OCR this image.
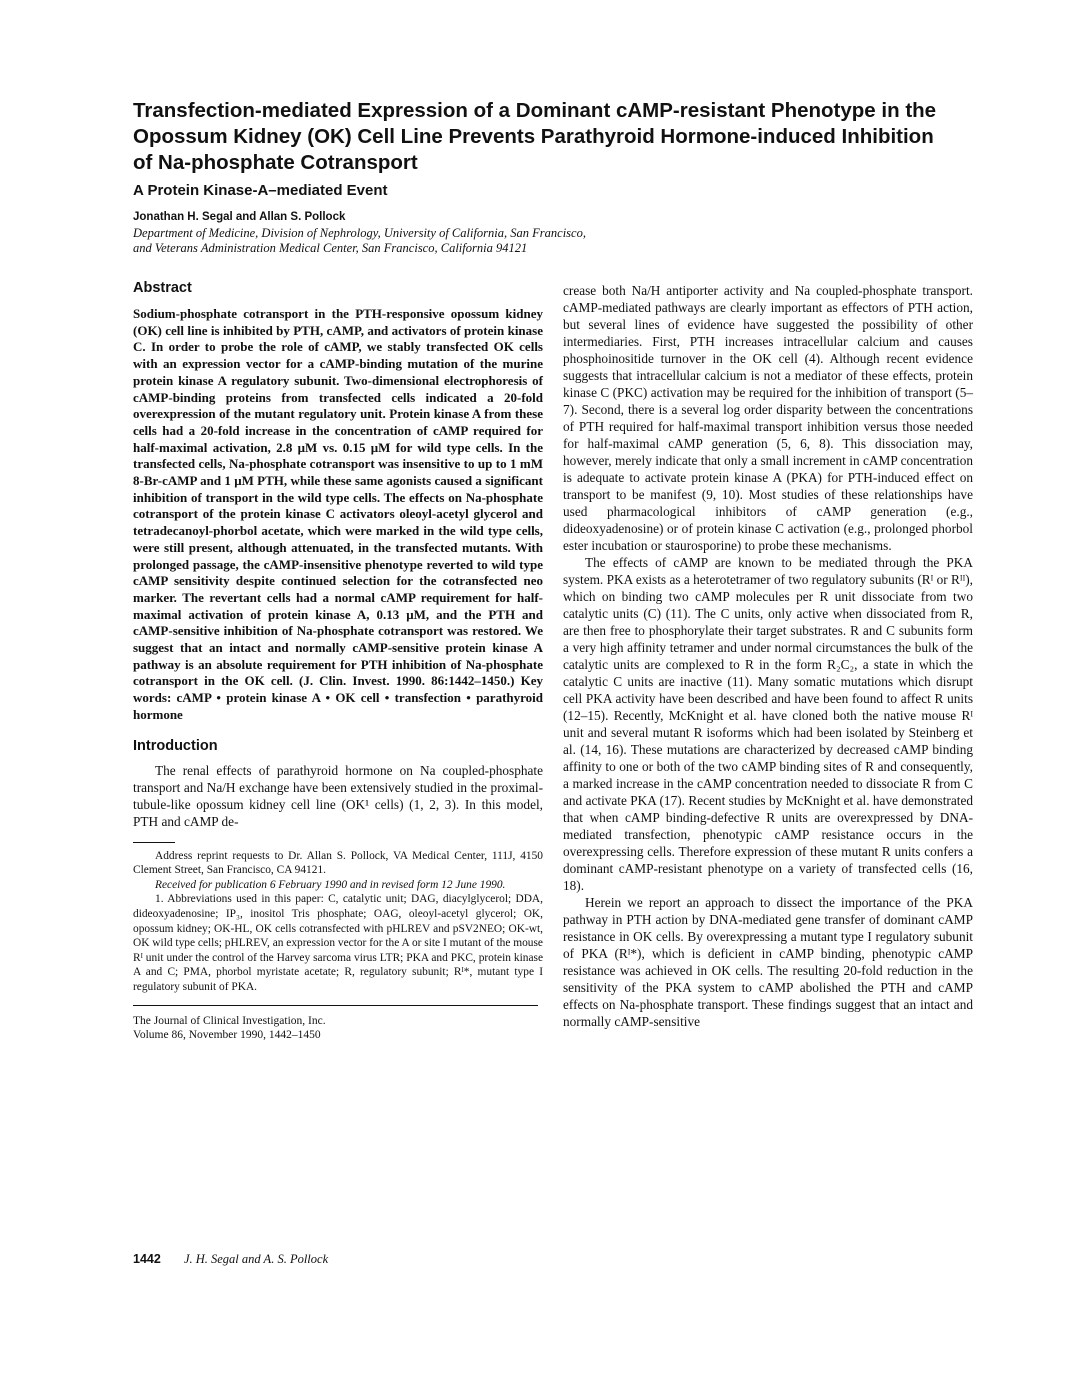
Transfection-mediated Expression of a Dominant cAMP-resistant Phenotype in the Opossum Kidney (OK) Cell Line Prevents Parathyroid Hormone-induced Inhibition of Na-phosphate Cotransport
A Protein Kinase-A–mediated Event
Jonathan H. Segal and Allan S. Pollock
Department of Medicine, Division of Nephrology, University of California, San Francisco,
and Veterans Administration Medical Center, San Francisco, California 94121
Abstract

Sodium-phosphate cotransport in the PTH-responsive opossum kidney (OK) cell line is inhibited by PTH, cAMP, and activators of protein kinase C. In order to probe the role of cAMP, we stably transfected OK cells with an expression vector for a cAMP-binding mutation of the murine protein kinase A regulatory subunit. Two-dimensional electrophoresis of cAMP-binding proteins from transfected cells indicated a 20-fold overexpression of the mutant regulatory unit. Protein kinase A from these cells had a 20-fold increase in the concentration of cAMP required for half-maximal activation, 2.8 μM vs. 0.15 μM for wild type cells. In the transfected cells, Na-phosphate cotransport was insensitive to up to 1 mM 8-Br-cAMP and 1 μM PTH, while these same agonists caused a significant inhibition of transport in the wild type cells. The effects on Na-phosphate cotransport of the protein kinase C activators oleoyl-acetyl glycerol and tetradecanoyl-phorbol acetate, which were marked in the wild type cells, were still present, although attenuated, in the transfected mutants. With prolonged passage, the cAMP-insensitive phenotype reverted to wild type cAMP sensitivity despite continued selection for the cotransfected neo marker. The revertant cells had a normal cAMP requirement for half-maximal activation of protein kinase A, 0.13 μM, and the PTH and cAMP-sensitive inhibition of Na-phosphate cotransport was restored. We suggest that an intact and normally cAMP-sensitive protein kinase A pathway is an absolute requirement for PTH inhibition of Na-phosphate cotransport in the OK cell. (J. Clin. Invest. 1990. 86:1442–1450.) Key words: cAMP • protein kinase A • OK cell • transfection • parathyroid hormone

Introduction

The renal effects of parathyroid hormone on Na coupled-phosphate transport and Na/H exchange have been extensively studied in the proximal-tubule-like opossum kidney cell line (OK¹ cells) (1, 2, 3). In this model, PTH and cAMP de-

Address reprint requests to Dr. Allan S. Pollock, VA Medical Center, 111J, 4150 Clement Street, San Francisco, CA 94121.

Received for publication 6 February 1990 and in revised form 12 June 1990.

1. Abbreviations used in this paper: C, catalytic unit; DAG, diacylglycerol; DDA, dideoxyadenosine; IP₃, inositol Tris phosphate; OAG, oleoyl-acetyl glycerol; OK, opossum kidney; OK-HL, OK cells cotransfected with pHLREV and pSV2NEO; OK-wt, OK wild type cells; pHLREV, an expression vector for the A or site I mutant of the mouse Rᴵ unit under the control of the Harvey sarcoma virus LTR; PKA and PKC, protein kinase A and C; PMA, phorbol myristate acetate; R, regulatory subunit; Rᴵ*, mutant type I regulatory subunit of PKA.

The Journal of Clinical Investigation, Inc.
Volume 86, November 1990, 1442–1450

crease both Na/H antiporter activity and Na coupled-phosphate transport. cAMP-mediated pathways are clearly important as effectors of PTH action, but several lines of evidence have suggested the possibility of other intermediaries. First, PTH increases intracellular calcium and causes phosphoinositide turnover in the OK cell (4). Although recent evidence suggests that intracellular calcium is not a mediator of these effects, protein kinase C (PKC) activation may be required for the inhibition of transport (5–7). Second, there is a several log order disparity between the concentrations of PTH required for half-maximal transport inhibition versus those needed for half-maximal cAMP generation (5, 6, 8). This dissociation may, however, merely indicate that only a small increment in cAMP concentration is adequate to activate protein kinase A (PKA) for PTH-induced effect on transport to be manifest (9, 10). Most studies of these relationships have used pharmacological inhibitors of cAMP generation (e.g., dideoxyadenosine) or of protein kinase C activation (e.g., prolonged phorbol ester incubation or staurosporine) to probe these mechanisms.

The effects of cAMP are known to be mediated through the PKA system. PKA exists as a heterotetramer of two regulatory subunits (Rᴵ or Rᴵᴵ), which on binding two cAMP molecules per R unit dissociate from two catalytic units (C) (11). The C units, only active when dissociated from R, are then free to phosphorylate their target substrates. R and C subunits form a very high affinity tetramer and under normal circumstances the bulk of the catalytic units are complexed to R in the form R₂C₂, a state in which the catalytic C units are inactive (11). Many somatic mutations which disrupt cell PKA activity have been described and have been found to affect R units (12–15). Recently, McKnight et al. have cloned both the native mouse Rᴵ unit and several mutant R isoforms which had been isolated by Steinberg et al. (14, 16). These mutations are characterized by decreased cAMP binding affinity to one or both of the two cAMP binding sites of R and consequently, a marked increase in the cAMP concentration needed to dissociate R from C and activate PKA (17). Recent studies by McKnight et al. have demonstrated that when cAMP binding-defective R units are overexpressed by DNA-mediated transfection, phenotypic cAMP resistance occurs in the overexpressing cells. Therefore expression of these mutant R units confers a dominant cAMP-resistant phenotype on a variety of transfected cells (16, 18).

Herein we report an approach to dissect the importance of the PKA pathway in PTH action by DNA-mediated gene transfer of dominant cAMP resistance in OK cells. By overexpressing a mutant type I regulatory subunit of PKA (Rᴵ*), which is deficient in cAMP binding, phenotypic cAMP resistance was achieved in OK cells. The resulting 20-fold reduction in the sensitivity of the PKA system to cAMP abolished the PTH and cAMP effects on Na-phosphate transport. These findings suggest that an intact and normally cAMP-sensitive

1442 J. H. Segal and A. S. Pollock
